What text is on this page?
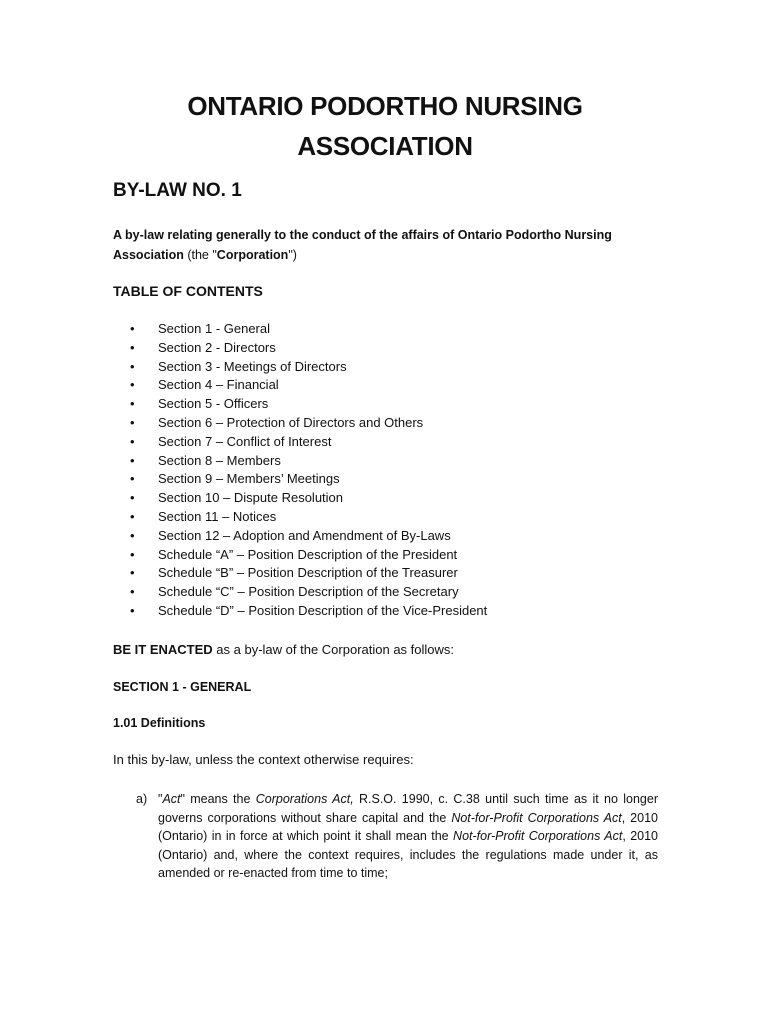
ONTARIO PODORTHO NURSING
ASSOCIATION
BY-LAW NO. 1
A by-law relating generally to the conduct of the affairs of Ontario Podortho Nursing Association (the "Corporation")
TABLE OF CONTENTS
•	Section 1 - General
•	Section 2 - Directors
•	Section 3 - Meetings of Directors
•	Section 4 – Financial
•	Section 5 - Officers
•	Section 6 – Protection of Directors and Others
•	Section 7 – Conflict of Interest
•	Section 8 – Members
•	Section 9 – Members’ Meetings
•	Section 10 – Dispute Resolution
•	Section 11 – Notices
•	Section 12 – Adoption and Amendment of By-Laws
•	Schedule “A” – Position Description of the President
•	Schedule “B” – Position Description of the Treasurer
•	Schedule “C” – Position Description of the Secretary
•	Schedule “D” – Position Description of the Vice-President
BE IT ENACTED as a by-law of the Corporation as follows:
SECTION 1 - GENERAL
1.01 Definitions
In this by-law, unless the context otherwise requires:
a) "Act" means the Corporations Act, R.S.O. 1990, c. C.38 until such time as it no longer governs corporations without share capital and the Not-for-Profit Corporations Act, 2010 (Ontario) in in force at which point it shall mean the Not-for-Profit Corporations Act, 2010 (Ontario) and, where the context requires, includes the regulations made under it, as amended or re-enacted from time to time;
